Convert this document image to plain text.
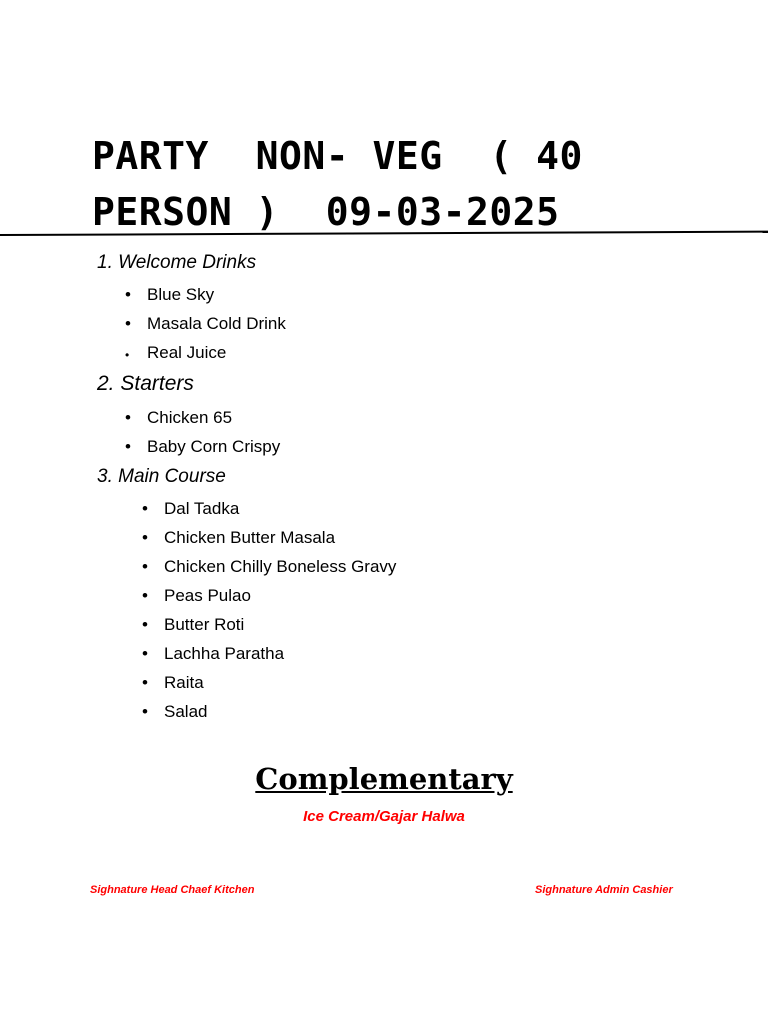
PARTY  NON- VEG  ( 40
PERSON )  09-03-2025
1. Welcome Drinks
• Blue Sky
• Masala Cold Drink
• Real Juice
2. Starters
• Chicken 65
• Baby Corn Crispy
3. Main Course
• Dal Tadka
• Chicken Butter Masala
• Chicken Chilly Boneless Gravy
• Peas Pulao
• Butter Roti
• Lachha Paratha
• Raita
• Salad
Complementary
Ice Cream/Gajar Halwa
Sighnature Head Chaef Kitchen	Sighnature Admin Cashier
